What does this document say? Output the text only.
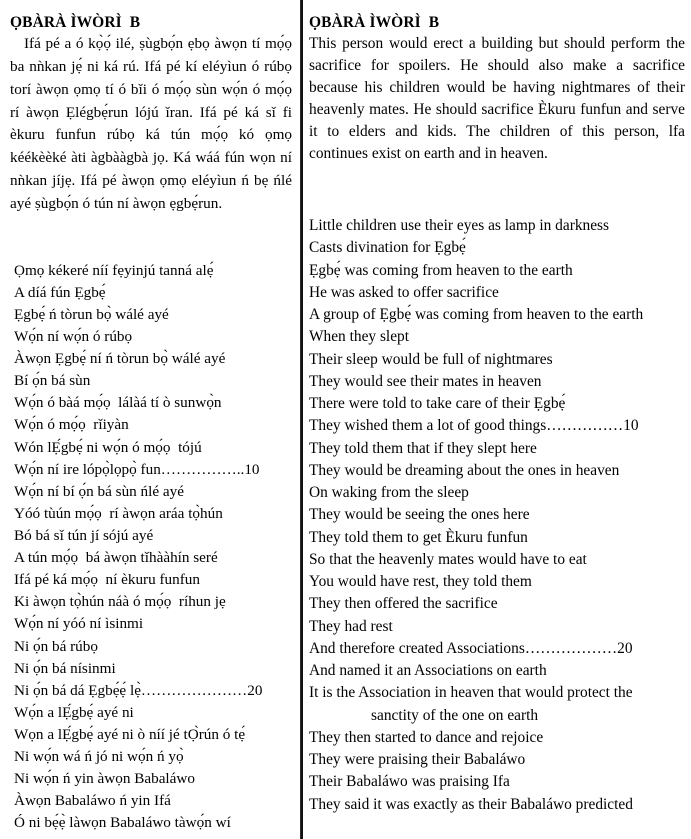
ỌBÀRÀ ÌWÒRÌ  B

Ifá pé a ó kọ̀ọ́ ilé, ṣùgbọ́n ẹbọ àwọn tí mọ́ọ ba nǹkan jẹ́ ni ká rú. Ifá pé kí eléyìun ó rúbọ torí àwọn ọmọ tí ó bǐi ó mọ́ọ sùn wọ́n ó mọ́ọ rí àwọn Ẹlégbẹ́run lójú ǐran. Ifá pé ká sǐ fi èkuru funfun rúbọ ká tún mọ́ọ kó ọmọ kéékèèké àti àgbààgbà jọ. Ká wáá fún wọn ní nǹkan jíjẹ. Ifá pé àwọn ọmọ eléyìun ń bẹ ńlé ayé ṣùgbọ́n ó tún ní àwọn ẹgbẹ́run.

Ọmọ kékeré níí fẹyinjú tanná alẹ́
A díá fún Ẹgbẹ́
Ẹgbẹ́ ń tòrun bọ̀ wálé ayé
Wọ́n ní wọ́n ó rúbọ
Àwọn Ẹgbẹ́ ní ń tòrun bọ̀ wálé ayé
Bí ọ́n bá sùn
Wọ́n ó bàá mọ́ọ  lálàá tí ò sunwọ̀n
Wọ́n ó mọ́ọ  rǐiyàn
Wón lẸ́gbẹ́ ni wọ́n ó mọ́ọ  tójú
Wọ́n ní ire lópọ̀lọpọ̀ fun……………..10
Wọ́n ní bí ọ́n bá sùn ńlé ayé
Yóó tùún mọ́ọ  rí àwọn aráa tọ̀hún
Bó bá sǐ tún jí sójú ayé
A tún mọ́ọ  bá àwọn tǐhààhín seré
Ifá pé ká mọ́ọ  ní èkuru funfun
Ki àwọn tọ̀hún náà ó mọ́ọ  ríhun jẹ
Wọ́n ní yóó ní ìsinmi
Ni ọ́n bá rúbọ
Ni ọ́n bá nísinmi
Ni ọ́n bá dá Ẹgbẹ́ẹ́ lẹ̀…………………20
Wọ́n a lẸ́gbẹ́ ayé ni
Wọn a lẸ́gbẹ́ ayé ni ò níí jé tỌ̀rún ó tẹ́
Ni wọ́n wá ń jó ni wọ́n ń yọ̀
Ni wọ́n ń yin àwọn Babaláwo
Àwọn Babaláwo ń yin Ifá
Ó ni bẹ́ẹ̀ làwọn Babaláwo tàwọ́n wí
ỌBÀRÀ ÌWÒRÌ  B

This person would erect a building but should perform the sacrifice for spoilers. He should also make a sacrifice because his children would be having nightmares of their heavenly mates. He should sacrifice Èkuru funfun and serve it to elders and kids. The children of this person, lfa continues exist on earth and in heaven.

Little children use their eyes as lamp in darkness
Casts divination for Ẹgbẹ́
Ẹgbẹ́ was coming from heaven to the earth
He was asked to offer sacrifice
A group of Ẹgbẹ́ was coming from heaven to the earth
When they slept
Their sleep would be full of nightmares
They would see their mates in heaven
There were told to take care of their Ẹgbẹ́
They wished them a lot of good things……………10
They told them that if they slept here
They would be dreaming about the ones in heaven
On waking from the sleep
They would be seeing the ones here
They told them to get Èkuru funfun
So that the heavenly mates would have to eat
You would have rest, they told them
They then offered the sacrifice
They had rest
And therefore created Associations………………20
And named it an Associations on earth
It is the Association in heaven that would protect the
sanctity of the one on earth
They then started to dance and rejoice
They were praising their Babaláwo
Their Babaláwo was praising Ifa
They said it was exactly as their Babaláwo predicted
